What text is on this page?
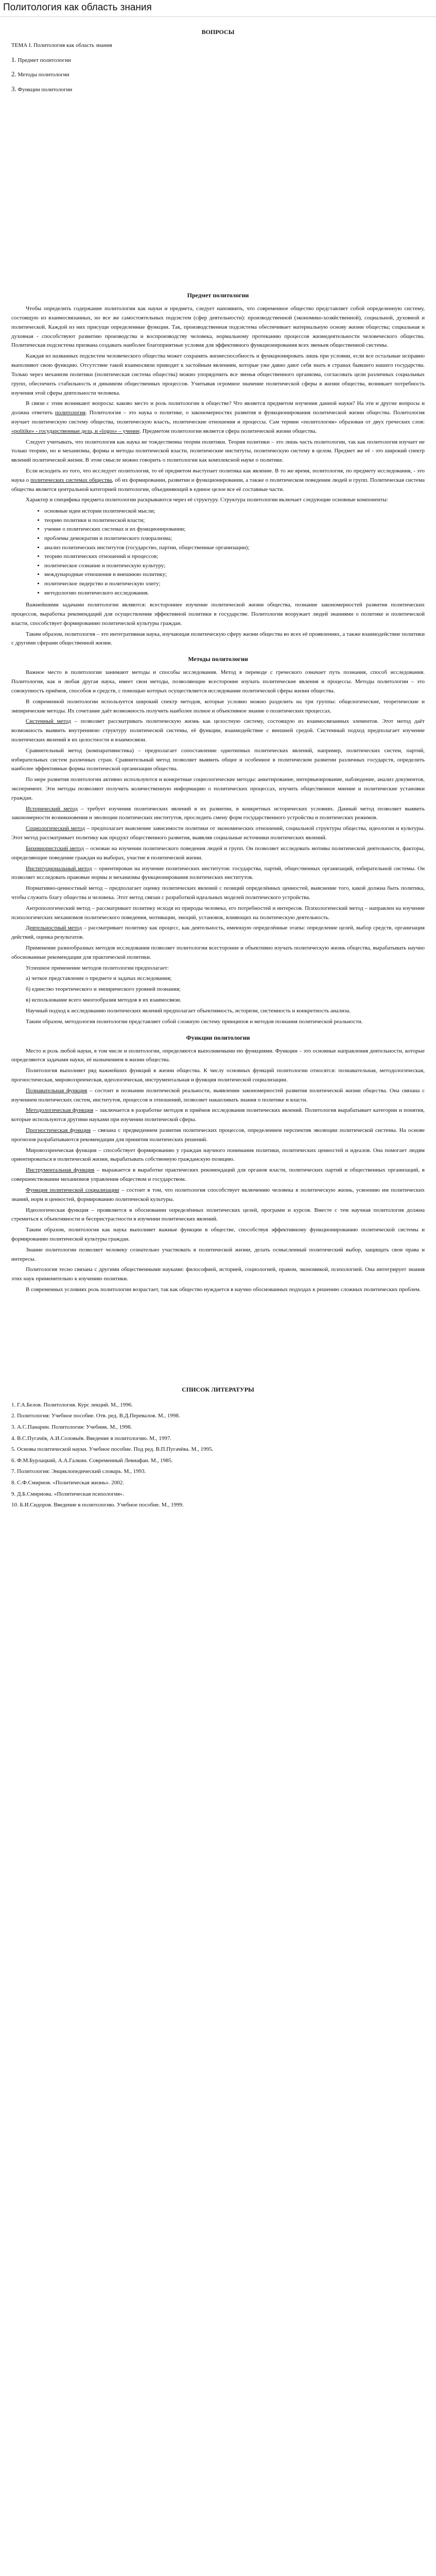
Политология как область знания
ВОПРОСЫ
ТЕМА I. Политология как область знания
1. Предмет политологии
2. Методы политологии
3. Функции политологии
Предмет политологии

Чтобы определить содержание политологии как науки и предмета, следует напомнить, что современное общество представляет собой определенную систему, состоящую из взаимосвязанных, но все же самостоятельных подсистем (сфер деятельности): производственной (экономико-хозяйственной), социальной, духовной и политической. Каждой из них присущи определенные функции. Так, производственная подсистема обеспечивает материальную основу жизни общества; социальная и духовная - способствуют развитию производства и воспроизводству человека, нормальному протеканию процессов жизнедеятельности человеческого общества. Политическая подсистема призвана создавать наиболее благоприятные условия для эффективного функционирования всех звеньев общественной системы.

Каждая из названных подсистем человеческого общества может сохранять жизнеспособность и функционировать лишь при условии, если все остальные исправно выполняют свою функцию. Отсутствие такой взаимосвязи приводит к застойным явлениям, которые уже давно дают себя знать в странах бывшего нашего государства. Только через механизм политики (политическая система общества) можно упорядочить все звенья общественного организма, согласовать цели различных социальных групп, обеспечить стабильность и динамизм общественных процессов. Учитывая огромное значение политической сферы в жизни общества, возникает потребность изучения этой сферы деятельности человека.

В связи с этим возникают вопросы: каково место и роль политологии в обществе? Что является предметом изучения данной науки? На эти и другие вопросы и должна ответить политология. Политология – это наука о политике, о закономерностях развития и функционирования политической жизни общества. Политология изучает политическую систему общества, политическую власть, политические отношения и процессы. Сам термин «политология» образован от двух греческих слов: «politike» - государственные дела, и «logos» – учение. Предметом политологии является сфера политической жизни общества.

Следует учитывать, что политология как наука не тождественна теории политики. Теория политики – это лишь часть политологии, так как политология изучает не только теорию, но и механизмы, формы и методы политической власти, политические институты, политическую систему в целом. Предмет же её - это широкий спектр явлений политической жизни. В этом смысле можно говорить о политологии как комплексной науке о политике.

Если исходить из того, что исследует политология, то её предметом выступает политика как явление. В то же время, политология, по предмету исследования, - это наука о политических системах общества, об их формировании, развитии и функционировании, а также о политическом поведении людей и групп. Политическая система общества является центральной категорией политологии, объединяющей в единое целое все её составные части.

Характер и специфика предмета политологии раскрываются через её структуру. Структура политологии включает следующие основные компоненты:

• основные идеи истории политической мысли;
• теорию политики и политической власти;
• учение о политических системах и их функционировании;
• проблемы демократии и политического плюрализма;
• анализ политических институтов (государство, партии, общественные организации);
• теорию политических отношений и процессов;
• политическое сознание и политическую культуру;
• международные отношения и внешнюю политику;
• политическое лидерство и политическую элиту;
• методологию политического исследования.

Важнейшими задачами политологии являются: всестороннее изучение политической жизни общества, познание закономерностей развития политических процессов, выработка рекомендаций для осуществления эффективной политики в государстве. Политология вооружает людей знаниями о политике и политической власти, способствует формированию политической культуры граждан.

Таким образом, политология – это интегративная наука, изучающая политическую сферу жизни общества во всех её проявлениях, а также взаимодействие политики с другими сферами общественной жизни.

Методы политологии

Важное место в политологии занимают методы и способы исследования. Метод в переводе с греческого означает путь познания, способ исследования. Политология, как и любая другая наука, имеет свои методы, позволяющие всесторонне изучать политические явления и процессы. Методы политологии – это совокупность приёмов, способов и средств, с помощью которых осуществляется исследование политической сферы жизни общества.

В современной политологии используется широкий спектр методов, которые условно можно разделить на три группы: общелогические, теоретические и эмпирические методы. Их сочетание даёт возможность получить наиболее полное и объективное знание о политических процессах.

Системный метод – позволяет рассматривать политическую жизнь как целостную систему, состоящую из взаимосвязанных элементов. Этот метод даёт возможность выявить внутреннюю структуру политической системы, её функции, взаимодействие с внешней средой. Системный подход предполагает изучение политических явлений в их целостности и взаимосвязи.

Сравнительный метод (компаративистика) – предполагает сопоставление однотипных политических явлений, например, политических систем, партий, избирательных систем различных стран. Сравнительный метод позволяет выявить общее и особенное в политическом развитии различных государств, определить наиболее эффективные формы политической организации общества.

По мере развития политологии активно используются и конкретные социологические методы: анкетирование, интервьюирование, наблюдение, анализ документов, эксперимент. Эти методы позволяют получить количественную информацию о политических процессах, изучить общественное мнение и политические установки граждан.

Исторический метод – требует изучения политических явлений в их развитии, в конкретных исторических условиях. Данный метод позволяет выявить закономерности возникновения и эволюции политических институтов, проследить смену форм государственного устройства и политических режимов.

Социологический метод – предполагает выяснение зависимости политики от экономических отношений, социальной структуры общества, идеологии и культуры. Этот метод рассматривает политику как продукт общественного развития, выявляя социальные источники политических явлений.

Бихевиористский метод – основан на изучении политического поведения людей и групп. Он позволяет исследовать мотивы политической деятельности, факторы, определяющие поведение граждан на выборах, участие в политической жизни.

Институциональный метод – ориентирован на изучение политических институтов: государства, партий, общественных организаций, избирательной системы. Он позволяет исследовать правовые нормы и механизмы функционирования политических институтов.

Нормативно-ценностный метод – предполагает оценку политических явлений с позиций определённых ценностей, выяснение того, какой должна быть политика, чтобы служить благу общества и человека. Этот метод связан с разработкой идеальных моделей политического устройства.

Антропологический метод – рассматривает политику исходя из природы человека, его потребностей и интересов. Психологический метод – направлен на изучение психологических механизмов политического поведения, мотивации, эмоций, установок, влияющих на политическую деятельность.

Деятельностный метод – рассматривает политику как процесс, как деятельность, имеющую определённые этапы: определение целей, выбор средств, организация действий, оценка результатов.

Применение разнообразных методов исследования позволяет политологии всесторонне и объективно изучать политическую жизнь общества, вырабатывать научно обоснованные рекомендации для практической политики.

Успешное применение методов политологии предполагает:

а) четкое представление о предмете и задачах исследования;

б) единство теоретического и эмпирического уровней познания;

в) использование всего многообразия методов в их взаимосвязи.

Научный подход к исследованию политических явлений предполагает объективность, историзм, системность и конкретность анализа.

Таким образом, методология политологии представляет собой сложную систему принципов и методов познания политической реальности.

Функции политологии

Место и роль любой науки, в том числе и политологии, определяются выполняемыми ею функциями. Функции – это основные направления деятельности, которые определяются задачами науки, её назначением в жизни общества.

Политология выполняет ряд важнейших функций в жизни общества. К числу основных функций политологии относятся: познавательная, методологическая, прогностическая, мировоззренческая, идеологическая, инструментальная и функция политической социализации.

Познавательная функция – состоит в познании политической реальности, выявлении закономерностей развития политической жизни общества. Она связана с изучением политических систем, институтов, процессов и отношений, позволяет накапливать знания о политике и власти.

Методологическая функция – заключается в разработке методов и приёмов исследования политических явлений. Политология вырабатывает категории и понятия, которые используются другими науками при изучении политической сферы.

Прогностическая функция – связана с предвидением развития политических процессов, определением перспектив эволюции политической системы. На основе прогнозов разрабатываются рекомендации для принятия политических решений.

Мировоззренческая функция – способствует формированию у граждан научного понимания политики, политических ценностей и идеалов. Она помогает людям ориентироваться в политической жизни, вырабатывать собственную гражданскую позицию.

Инструментальная функция – выражается в выработке практических рекомендаций для органов власти, политических партий и общественных организаций, в совершенствовании механизмов управления обществом и государством.

Функция политической социализации – состоит в том, что политология способствует включению человека в политическую жизнь, усвоению им политических знаний, норм и ценностей, формированию политической культуры.

Идеологическая функция – проявляется в обосновании определённых политических целей, программ и курсов. Вместе с тем научная политология должна стремиться к объективности и беспристрастности в изучении политических явлений.

Таким образом, политология как наука выполняет важные функции в обществе, способствуя эффективному функционированию политической системы и формированию политической культуры граждан.

Знание политологии позволяет человеку сознательно участвовать в политической жизни, делать осмысленный политический выбор, защищать свои права и интересы.

Политология тесно связана с другими общественными науками: философией, историей, социологией, правом, экономикой, психологией. Она интегрирует знания этих наук применительно к изучению политики.

В современных условиях роль политологии возрастает, так как общество нуждается в научно обоснованных подходах к решению сложных политических проблем.

СПИСОК ЛИТЕРАТУРЫ
1. Г.А.Белов. Политология. Курс лекций. М., 1996.
2. Политология: Учебное пособие. Отв. ред. В.Д.Перевалов. М., 1998.
3. А.С.Панарин. Политология: Учебник. М., 1998.
4. В.С.Пугачёв, А.И.Соловьёв. Введение в политологию. М., 1997.
5. Основы политической науки. Учебное пособие. Под ред. В.П.Пугачёва. М., 1995.
6. Ф.М.Бурлацкий, А.А.Галкин. Современный Левиафан. М., 1985.
7. Политология: Энциклопедический словарь. М., 1993.
8. С.Ф.Смирнов. «Политическая жизнь». 2002.
9. Д.Б.Смирнова. «Политическая психология».
10. Б.И.Сидоров. Введение в политологию. Учебное пособие. М., 1999.
